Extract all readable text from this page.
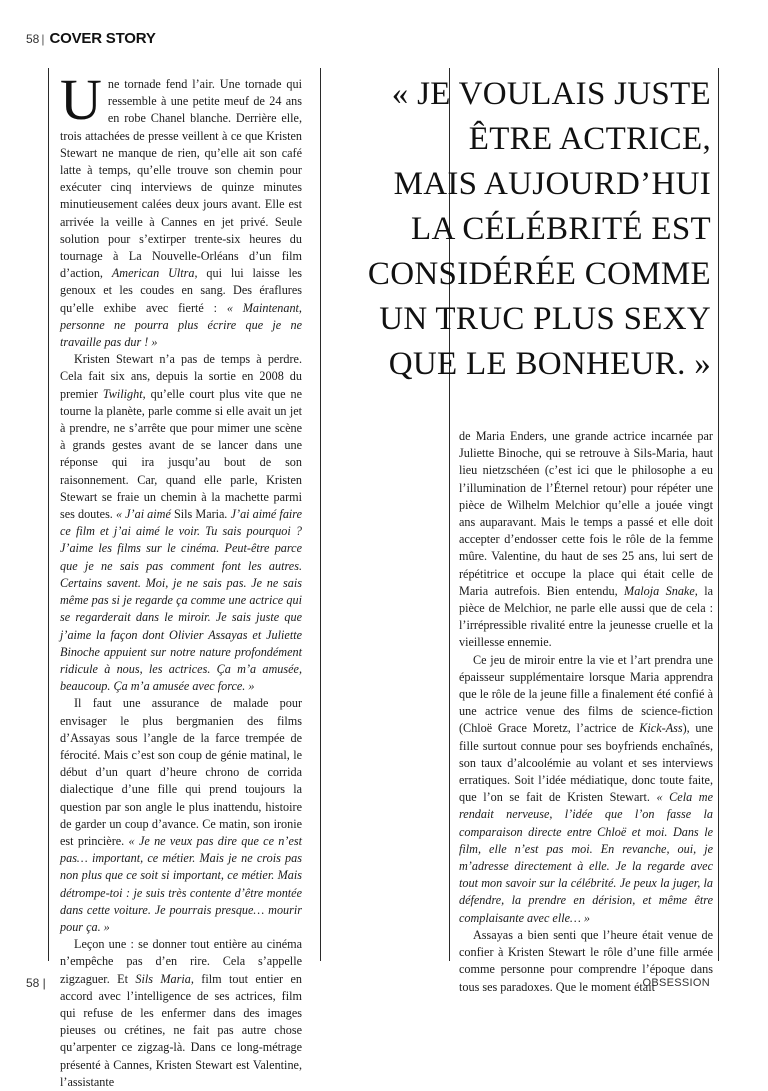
58 | COVER STORY

Une tornade fend l’air. Une tornade qui ressemble à une petite meuf de 24 ans en robe Chanel blanche. Derrière elle, trois attachées de presse veillent à ce que Kristen Stewart ne manque de rien, qu’elle ait son café latte à temps, qu’elle trouve son chemin pour exécuter cinq interviews de quinze minutes minutieusement calées deux jours avant. Elle est arrivée la veille à Cannes en jet privé. Seule solution pour s’extirper trente-six heures du tournage à La Nouvelle-Orléans d’un film d’action, American Ultra, qui lui laisse les genoux et les coudes en sang. Des éraflures qu’elle exhibe avec fierté : « Maintenant, personne ne pourra plus écrire que je ne travaille pas dur ! »

Kristen Stewart n’a pas de temps à perdre. Cela fait six ans, depuis la sortie en 2008 du premier Twilight, qu’elle court plus vite que ne tourne la planète, parle comme si elle avait un jet à prendre, ne s’arrête que pour mimer une scène à grands gestes avant de se lancer dans une réponse qui ira jusqu’au bout de son raisonnement. Car, quand elle parle, Kristen Stewart se fraie un chemin à la machette parmi ses doutes. « J’ai aimé Sils Maria. J’ai aimé faire ce film et j’ai aimé le voir. Tu sais pourquoi ? J’aime les films sur le cinéma. Peut-être parce que je ne sais pas comment font les autres. Certains savent. Moi, je ne sais pas. Je ne sais même pas si je regarde ça comme une actrice qui se regarderait dans le miroir. Je sais juste que j’aime la façon dont Olivier Assayas et Juliette Binoche appuient sur notre nature profondément ridicule à nous, les actrices. Ça m’a amusée, beaucoup. Ça m’a amusée avec force. »

Il faut une assurance de malade pour envisager le plus bergmanien des films d’Assayas sous l’angle de la farce trempée de férocité. Mais c’est son coup de génie matinal, le début d’un quart d’heure chrono de corrida dialectique d’une fille qui prend toujours la question par son angle le plus inattendu, histoire de garder un coup d’avance. Ce matin, son ironie est princière. « Je ne veux pas dire que ce n’est pas… important, ce métier. Mais je ne crois pas non plus que ce soit si important, ce métier. Mais détrompe-toi : je suis très contente d’être montée dans cette voiture. Je pourrais presque… mourir pour ça. »

Leçon une : se donner tout entière au cinéma n’empêche pas d’en rire. Cela s’appelle zigzaguer. Et Sils Maria, film tout entier en accord avec l’intelligence de ses actrices, film qui refuse de les enfermer dans des images pieuses ou crétines, ne fait pas autre chose qu’arpenter ce zigzag-là. Dans ce long-métrage présenté à Cannes, Kristen Stewart est Valentine, l’assistante

« JE VOULAIS JUSTE
ÊTRE ACTRICE,
MAIS AUJOURD’HUI
LA CÉLÉBRITÉ EST
CONSIDÉRÉE COMME
UN TRUC PLUS SEXY
QUE LE BONHEUR. »

de Maria Enders, une grande actrice incarnée par Juliette Binoche, qui se retrouve à Sils-Maria, haut lieu nietzschéen (c’est ici que le philosophe a eu l’illumination de l’Éternel retour) pour répéter une pièce de Wilhelm Melchior qu’elle a jouée vingt ans auparavant. Mais le temps a passé et elle doit accepter d’endosser cette fois le rôle de la femme mûre. Valentine, du haut de ses 25 ans, lui sert de répétitrice et occupe la place qui était celle de Maria autrefois. Bien entendu, Maloja Snake, la pièce de Melchior, ne parle elle aussi que de cela : l’irrépressible rivalité entre la jeunesse cruelle et la vieillesse ennemie.

Ce jeu de miroir entre la vie et l’art prendra une épaisseur supplémentaire lorsque Maria apprendra que le rôle de la jeune fille a finalement été confié à une actrice venue des films de science-fiction (Chloë Grace Moretz, l’actrice de Kick-Ass), une fille surtout connue pour ses boyfriends enchaînés, son taux d’alcoolémie au volant et ses interviews erratiques. Soit l’idée médiatique, donc toute faite, que l’on se fait de Kristen Stewart. « Cela me rendait nerveuse, l’idée que l’on fasse la comparaison directe entre Chloë et moi. Dans le film, elle n’est pas moi. En revanche, oui, je m’adresse directement à elle. Je la regarde avec tout mon savoir sur la célébrité. Je peux la juger, la défendre, la prendre en dérision, et même être complaisante avec elle… »

Assayas a bien senti que l’heure était venue de confier à Kristen Stewart le rôle d’une fille armée comme personne pour comprendre l’époque dans tous ses paradoxes. Que le moment était

58 |	OBSESSION
